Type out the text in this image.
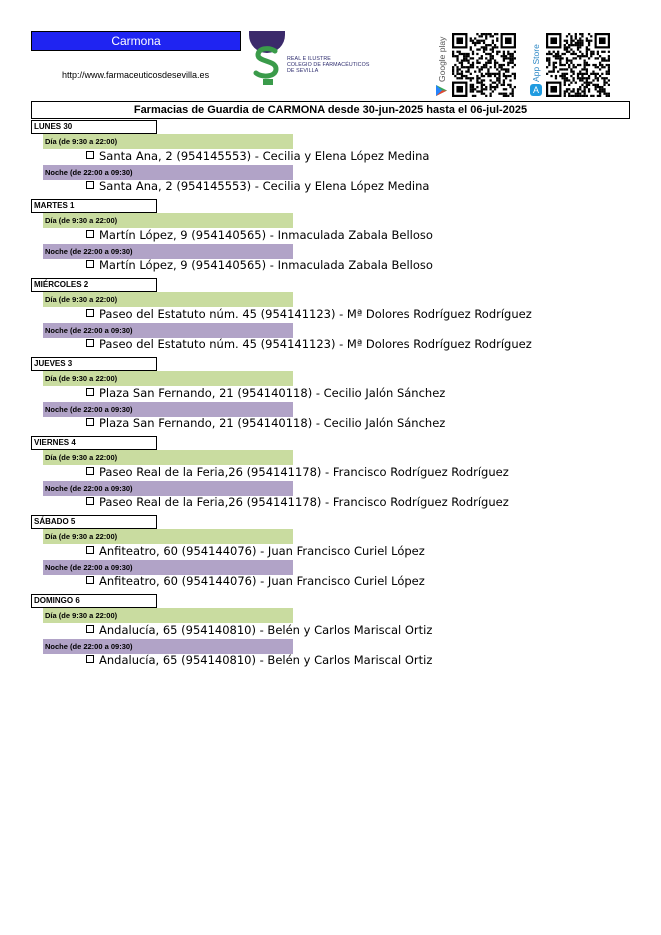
Carmona
http://www.farmaceuticosdesevilla.es
REAL E ILUSTRE
COLEGIO DE FARMACÉUTICOS
DE SEVILLA	Google play	App Store
A
Farmacias de Guardia de CARMONA desde 30-jun-2025 hasta el 06-jul-2025
LUNES 30
Día (de 9:30 a 22:00)
Santa Ana, 2 (954145553) - Cecilia y Elena López Medina
Noche (de 22:00 a 09:30)
Santa Ana, 2 (954145553) - Cecilia y Elena López Medina
MARTES 1
Día (de 9:30 a 22:00)
Martín López, 9 (954140565) - Inmaculada Zabala Belloso
Noche (de 22:00 a 09:30)
Martín López, 9 (954140565) - Inmaculada Zabala Belloso
MIÉRCOLES 2
Día (de 9:30 a 22:00)
Paseo del Estatuto núm. 45 (954141123) - Mª Dolores Rodríguez Rodríguez
Noche (de 22:00 a 09:30)
Paseo del Estatuto núm. 45 (954141123) - Mª Dolores Rodríguez Rodríguez
JUEVES 3
Día (de 9:30 a 22:00)
Plaza San Fernando, 21 (954140118) - Cecilio Jalón Sánchez
Noche (de 22:00 a 09:30)
Plaza San Fernando, 21 (954140118) - Cecilio Jalón Sánchez
VIERNES 4
Día (de 9:30 a 22:00)
Paseo Real de la Feria,26 (954141178) - Francisco Rodríguez Rodríguez
Noche (de 22:00 a 09:30)
Paseo Real de la Feria,26 (954141178) - Francisco Rodríguez Rodríguez
SÁBADO 5
Día (de 9:30 a 22:00)
Anfiteatro, 60 (954144076) - Juan Francisco Curiel López
Noche (de 22:00 a 09:30)
Anfiteatro, 60 (954144076) - Juan Francisco Curiel López
DOMINGO 6
Día (de 9:30 a 22:00)
Andalucía, 65 (954140810) - Belén y Carlos Mariscal Ortiz
Noche (de 22:00 a 09:30)
Andalucía, 65 (954140810) - Belén y Carlos Mariscal Ortiz
